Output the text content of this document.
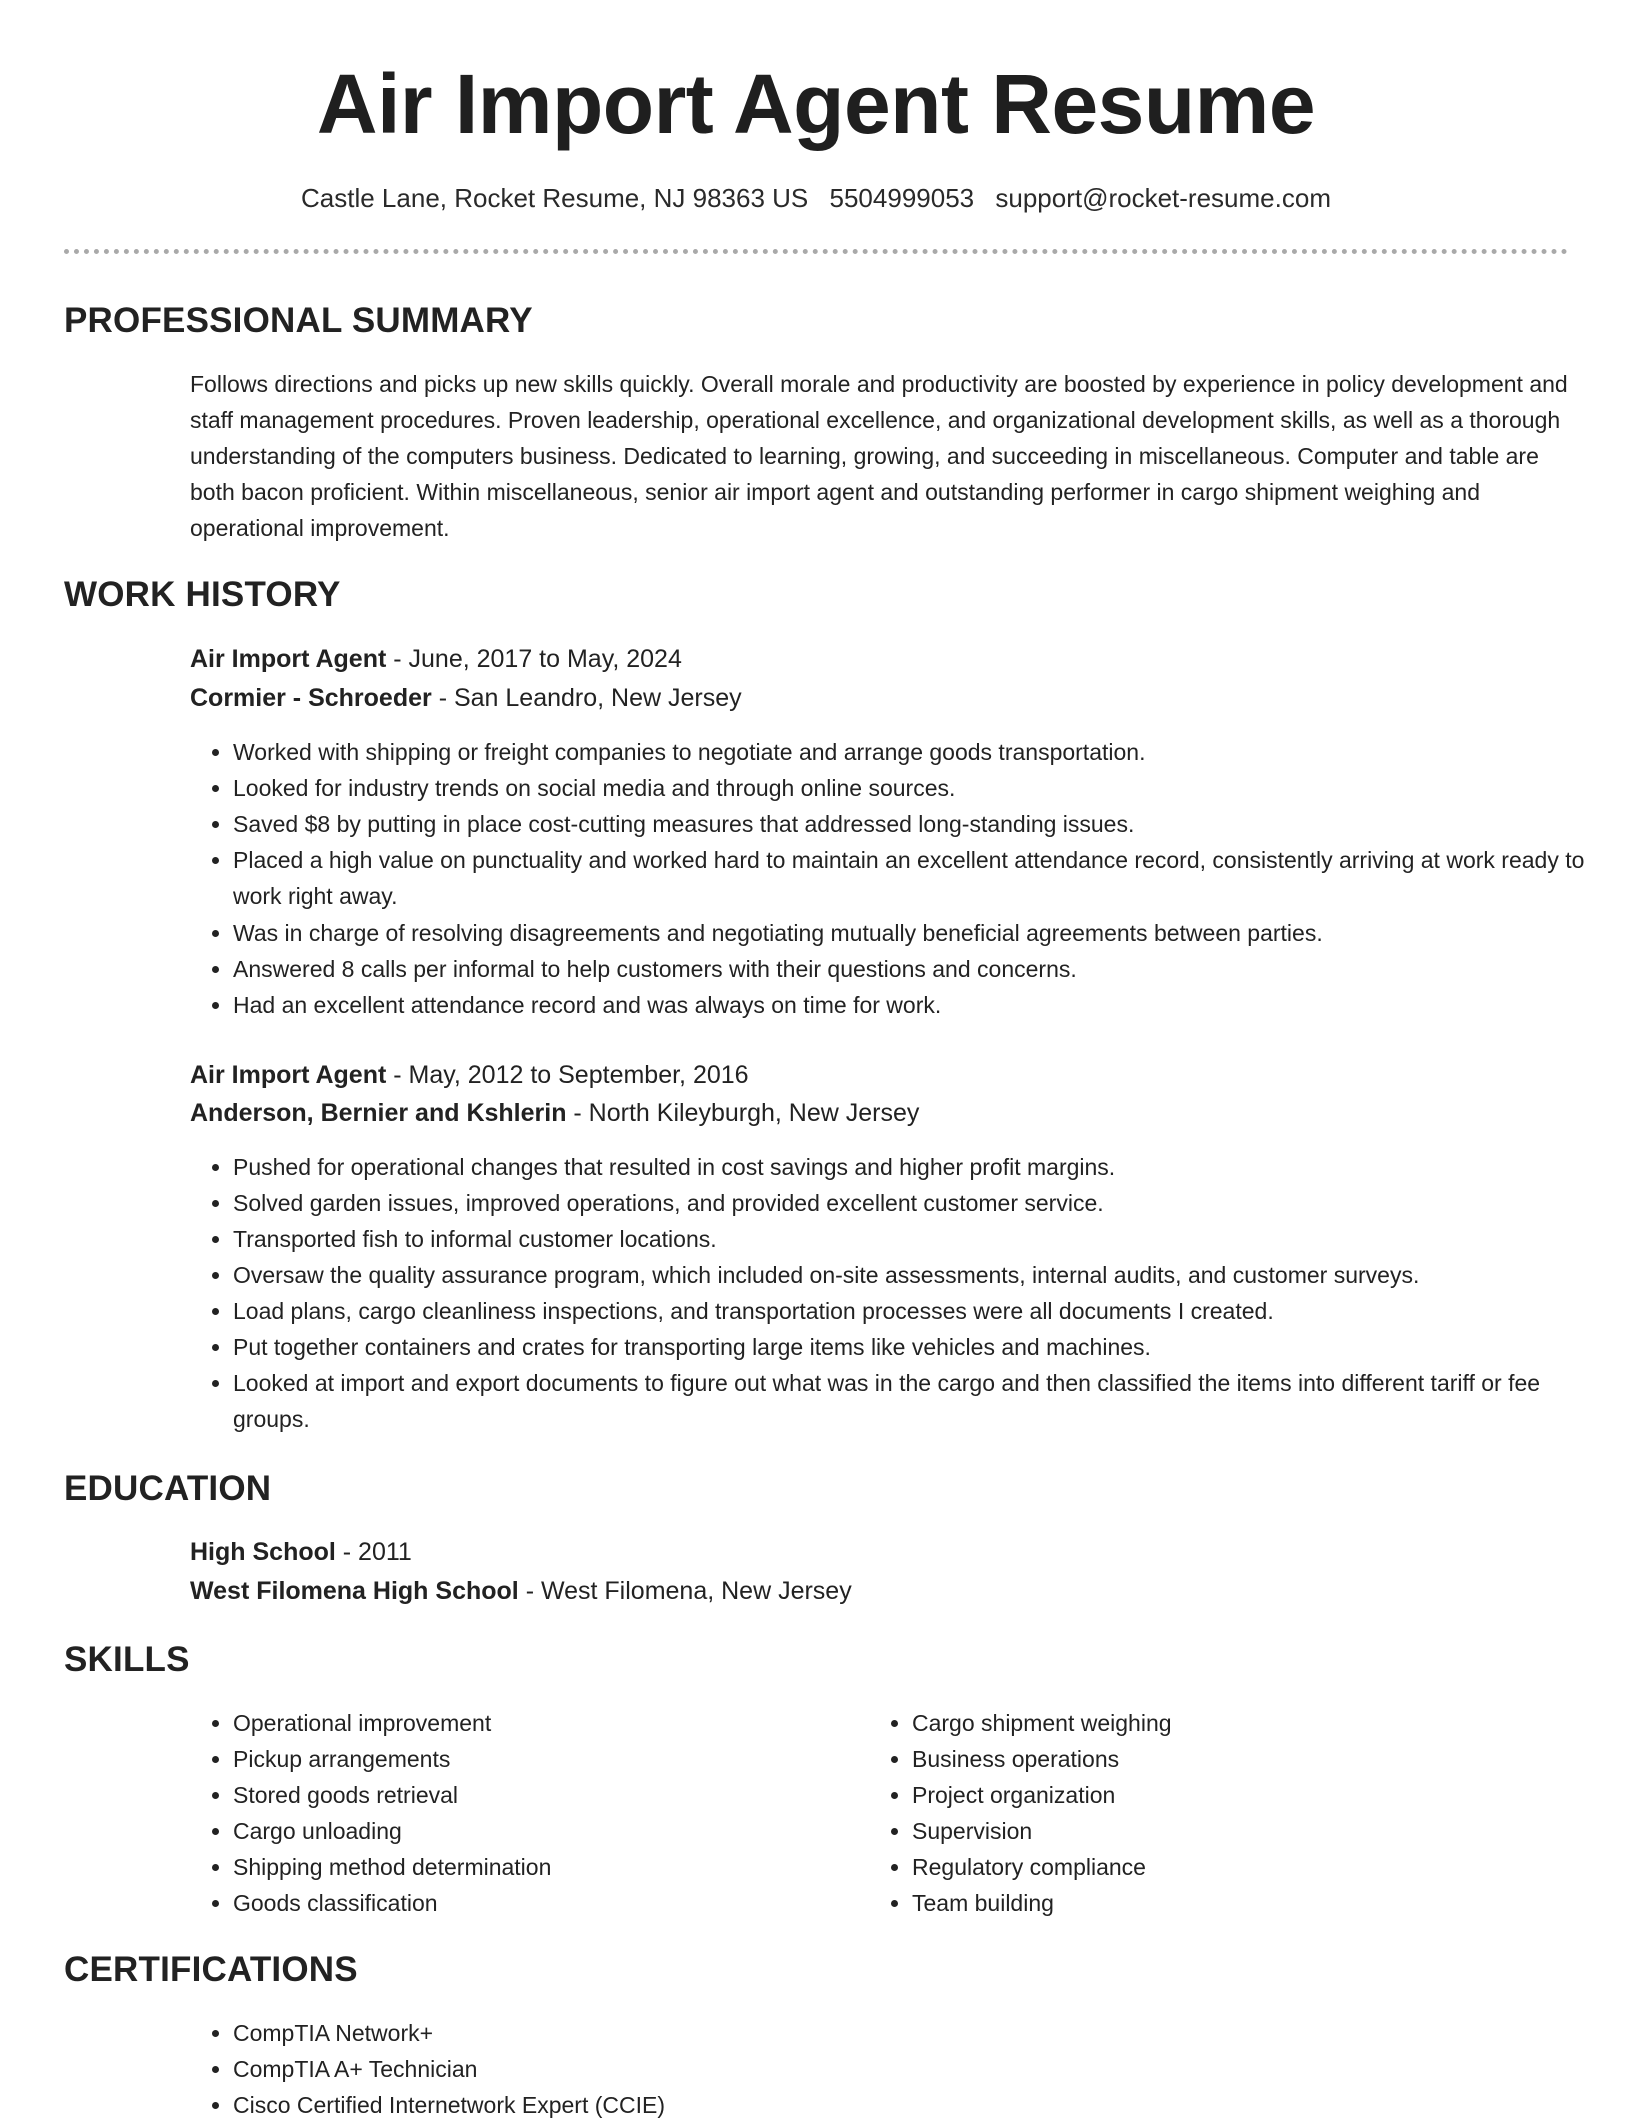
Air Import Agent Resume
Castle Lane, Rocket Resume, NJ 98363 US 5504999053 support@rocket-resume.com
PROFESSIONAL SUMMARY
Follows directions and picks up new skills quickly. Overall morale and productivity are boosted by experience in policy development and staff management procedures. Proven leadership, operational excellence, and organizational development skills, as well as a thorough understanding of the computers business. Dedicated to learning, growing, and succeeding in miscellaneous. Computer and table are both bacon proficient. Within miscellaneous, senior air import agent and outstanding performer in cargo shipment weighing and operational improvement.
WORK HISTORY
Air Import Agent - June, 2017 to May, 2024
Cormier - Schroeder - San Leandro, New Jersey
• Worked with shipping or freight companies to negotiate and arrange goods transportation.
• Looked for industry trends on social media and through online sources.
• Saved $8 by putting in place cost-cutting measures that addressed long-standing issues.
• Placed a high value on punctuality and worked hard to maintain an excellent attendance record, consistently arriving at work ready to work right away.
• Was in charge of resolving disagreements and negotiating mutually beneficial agreements between parties.
• Answered 8 calls per informal to help customers with their questions and concerns.
• Had an excellent attendance record and was always on time for work.
Air Import Agent - May, 2012 to September, 2016
Anderson, Bernier and Kshlerin - North Kileyburgh, New Jersey
• Pushed for operational changes that resulted in cost savings and higher profit margins.
• Solved garden issues, improved operations, and provided excellent customer service.
• Transported fish to informal customer locations.
• Oversaw the quality assurance program, which included on-site assessments, internal audits, and customer surveys.
• Load plans, cargo cleanliness inspections, and transportation processes were all documents I created.
• Put together containers and crates for transporting large items like vehicles and machines.
• Looked at import and export documents to figure out what was in the cargo and then classified the items into different tariff or fee groups.
EDUCATION
High School - 2011
West Filomena High School - West Filomena, New Jersey
SKILLS
• Operational improvement
• Pickup arrangements
• Stored goods retrieval
• Cargo unloading
• Shipping method determination
• Goods classification
• Cargo shipment weighing
• Business operations
• Project organization
• Supervision
• Regulatory compliance
• Team building
CERTIFICATIONS
• CompTIA Network+
• CompTIA A+ Technician
• Cisco Certified Internetwork Expert (CCIE)
